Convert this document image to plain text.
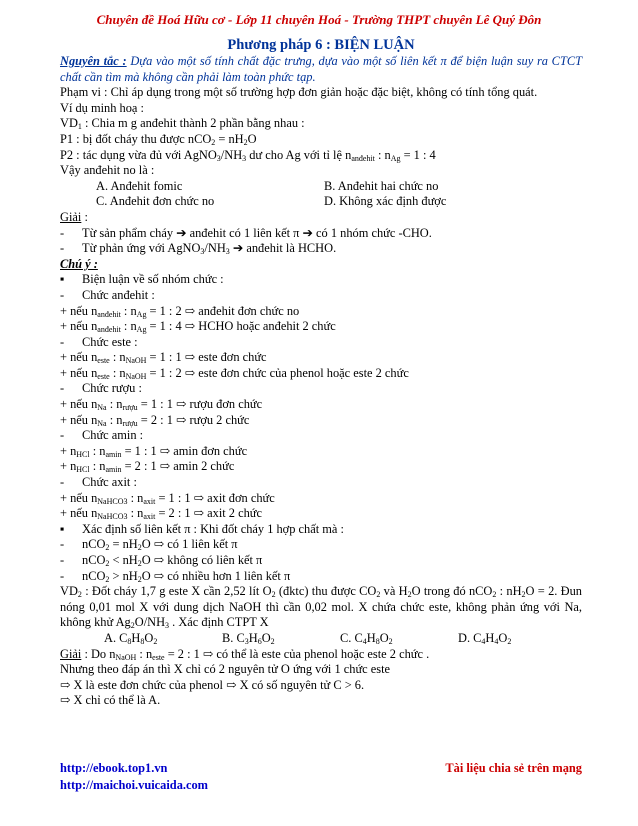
Chuyên đề Hoá Hữu cơ - Lớp 11 chuyên Hoá - Trường THPT chuyên Lê Quý Đôn
Phương pháp 6 : BIỆN LUẬN
Nguyên tắc : Dựa vào một số tính chất đặc trưng, dựa vào một số liên kết π để biện luận suy ra CTCT chất cần tìm mà không cần phải làm toàn phức tạp.
Phạm vi : Chỉ áp dụng trong một số trường hợp đơn giản hoặc đặc biệt, không có tính tổng quát.
Ví dụ minh hoạ :
$VD_1$ : Chia m g anđehit thành 2 phần bằng nhau :
P1 : bị đốt cháy thu được $nCO_2 = nH_2O$
P2 : tác dụng vừa đủ với $AgNO_3/NH_3$ dư cho Ag với tỉ lệ $n_{anđehit}$ : $n_{Ag} = 1$ : 4
Vậy anđehit no là :
A. Anđehit fomic	B. Anđehit hai chức no
C. Anđehit đơn chức no	D. Không xác định được
Giải :
- Từ sản phẩm cháy ➔ anđehit có 1 liên kết π ➔ có 1 nhóm chức -CHO.
- Từ phản ứng với $AgNO_3/NH_3$ ➔ anđehit là HCHO.
Chú ý :
▪ Biện luận về số nhóm chức :
- Chức anđehit :
+ nếu $n_{anđehit}$ : $n_{Ag} = 1$ : 2 ⇨ anđehit đơn chức no
+ nếu $n_{anđehit}$ : $n_{Ag} = 1$ : 4 ⇨ HCHO hoặc anđehit 2 chức
- Chức este :
+ nếu $n_{este}$ : $n_{NaOH} = 1$ : 1 ⇨ este đơn chức
+ nếu $n_{este}$ : $n_{NaOH} = 1$ : 2 ⇨ este đơn chức của phenol hoặc este 2 chức
- Chức rượu :
+ nếu $n_{Na}$ : $n_{rượu} = 1$ : 1 ⇨ rượu đơn chức
+ nếu $n_{Na}$ : $n_{rượu} = 2$ : 1 ⇨ rượu 2 chức
- Chức amin :
+ $n_{HCl}$ : $n_{amin} = 1$ : 1 ⇨ amin đơn chức
+ $n_{HCl}$ : $n_{amin} = 2$ : 1 ⇨ amin 2 chức
- Chức axit :
+ nếu $n_{NaHCO3}$ : $n_{axit} = 1$ : 1 ⇨ axit đơn chức
+ nếu $n_{NaHCO3}$ : $n_{axit} = 2$ : 1 ⇨ axit 2 chức
▪ Xác định số liên kết π : Khi đốt cháy 1 hợp chất mà :
- $nCO_2 = nH_2O$ ⇨ có 1 liên kết π
- $nCO_2 < nH_2O$ ⇨ không có liên kết π
- $nCO_2 > nH_2O$ ⇨ có nhiều hơn 1 liên kết π
$VD_2$ : Đốt cháy 1,7 g este X cần 2,52 lít $O_2$ (đktc) thu được $CO_2$ và $H_2O$ trong đó nCO$_2$ : $nH_2O = 2$. Đun nóng 0,01 mol X với dung dịch NaOH thì cần 0,02 mol. X chứa chức este, không phản ứng với Na, không khử $Ag_2O/NH_3$ . Xác định CTPT X
A. $C_8H_8O_2$	B. $C_3H_6O_2$	C. $C_4H_8O_2$	D. $C_4H_4O_2$
Giải : Do $n_{NaOH}$ : $n_{este} = 2$ : 1 ⇨ có thể là este của phenol hoặc este 2 chức .
Nhưng theo đáp án thì X chỉ có 2 nguyên tử O ứng với 1 chức este
⇨ X là este đơn chức của phenol ⇨ X có số nguyên tử C > 6.
⇨ X chỉ có thể là A.
http://ebook.top1.vn
http://maichoi.vuicaida.com
Tài liệu chia sẻ trên mạng
